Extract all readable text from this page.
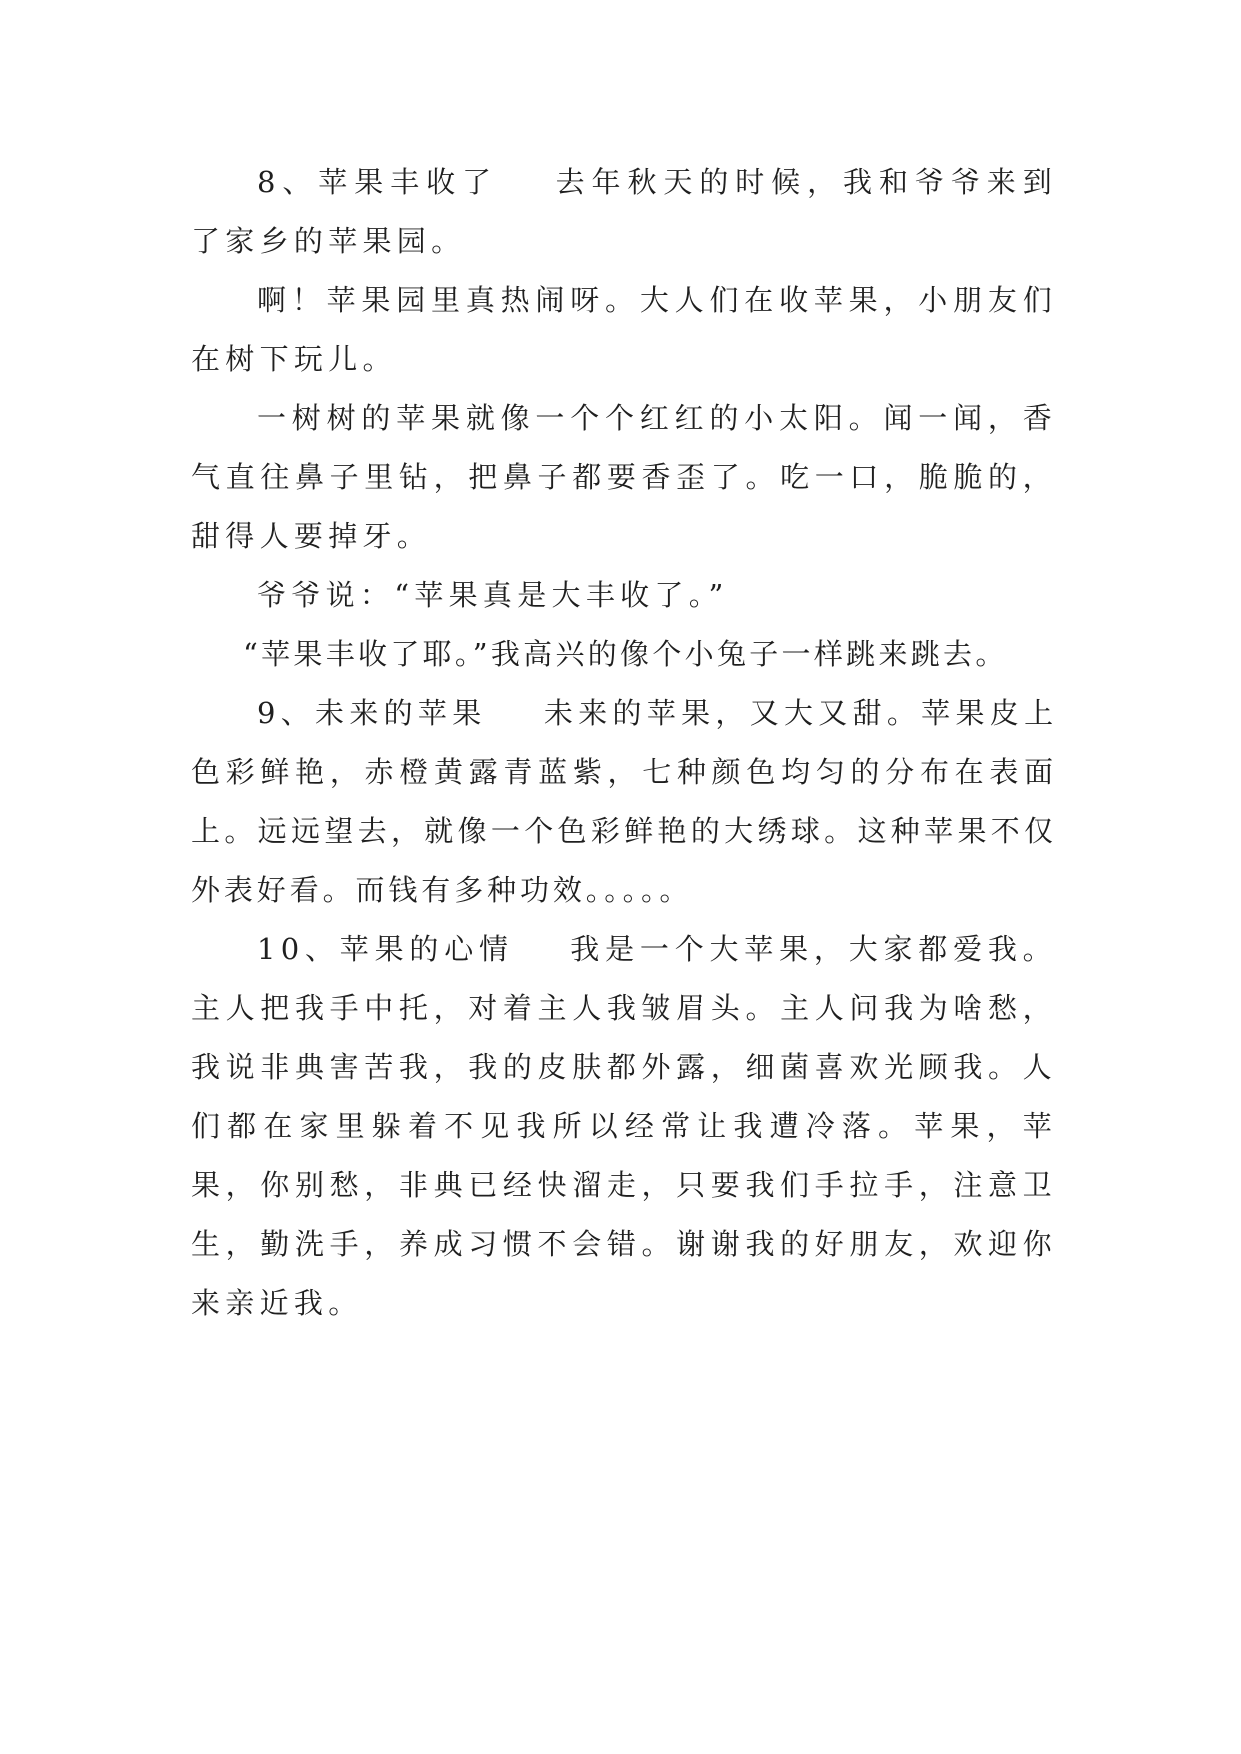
8、苹果丰收了 去年秋天的时候，我和爷爷来到了家乡的苹果园。

啊！苹果园里真热闹呀。大人们在收苹果，小朋友们在树下玩儿。

一树树的苹果就像一个个红红的小太阳。闻一闻，香气直往鼻子里钻，把鼻子都要香歪了。吃一口，脆脆的，甜得人要掉牙。

爷爷说：“苹果真是大丰收了。”

“苹果丰收了耶。”我高兴的像个小兔子一样跳来跳去。

9、未来的苹果 未来的苹果，又大又甜。苹果皮上色彩鲜艳，赤橙黄露青蓝紫，七种颜色均匀的分布在表面上。远远望去，就像一个色彩鲜艳的大绣球。这种苹果不仅外表好看。而钱有多种功效。。。。。

10、苹果的心情 我是一个大苹果，大家都爱我。主人把我手中托，对着主人我皱眉头。主人问我为啥愁，我说非典害苦我，我的皮肤都外露，细菌喜欢光顾我。人们都在家里躲着不见我所以经常让我遭冷落。苹果，苹果，你别愁，非典已经快溜走，只要我们手拉手，注意卫生，勤洗手，养成习惯不会错。谢谢我的好朋友，欢迎你来亲近我。
